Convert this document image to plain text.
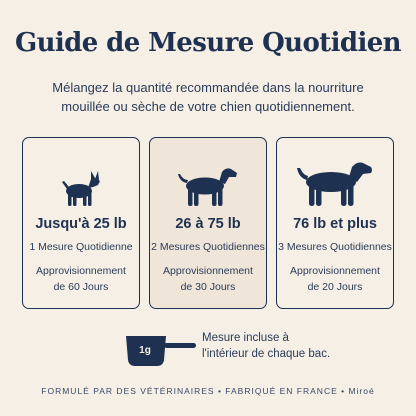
Guide de Mesure Quotidien
Mélangez la quantité recommandée dans la nourriture mouillée ou sèche de votre chien quotidiennement.
Jusqu'à 25 lb
1 Mesure Quotidienne
Approvisionnement
de 60 Jours
26 à 75 lb
2 Mesures Quotidiennes
Approvisionnement
de 30 Jours
76 lb et plus
3 Mesures Quotidiennes
Approvisionnement
de 20 Jours
1g
Mesure incluse à
l'intérieur de chaque bac.
FORMULÉ PAR DES VÉTÉRINAIRES • FABRIQUÉ EN FRANCE • Miroé
